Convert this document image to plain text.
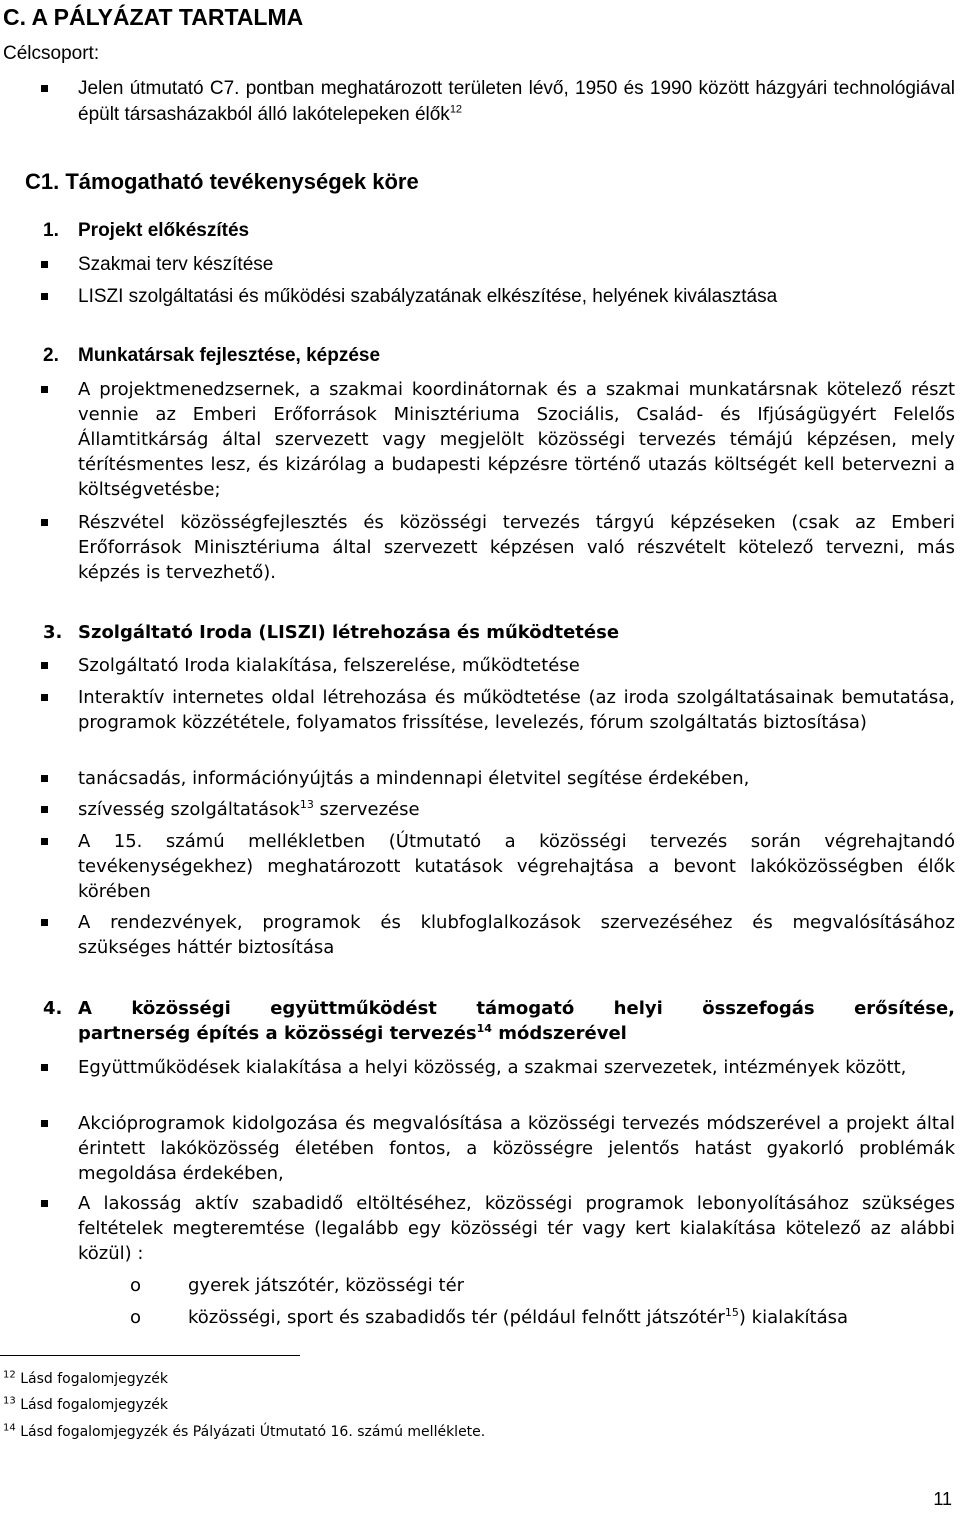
C. A PÁLYÁZAT TARTALMA
Célcsoport:
Jelen útmutató C7. pontban meghatározott területen lévő, 1950 és 1990 között házgyári technológiával épült társasházakból álló lakótelepeken élők$^{12}$
C1. Támogatható tevékenységek köre
1. Projekt előkészítés
Szakmai terv készítése
LISZI szolgáltatási és működési szabályzatának elkészítése, helyének kiválasztása
2. Munkatársak fejlesztése, képzése
A projektmenedzsernek, a szakmai koordinátornak és a szakmai munkatársnak kötelező részt vennie az Emberi Erőforrások Minisztériuma Szociális, Család- és Ifjúságügyért Felelős Államtitkárság által szervezett vagy megjelölt közösségi tervezés témájú képzésen, mely térítésmentes lesz, és kizárólag a budapesti képzésre történő utazás költségét kell betervezni a költségvetésbe;
Részvétel közösségfejlesztés és közösségi tervezés tárgyú képzéseken (csak az Emberi Erőforrások Minisztériuma által szervezett képzésen való részvételt kötelező tervezni, más képzés is tervezhető).
3. Szolgáltató Iroda (LISZI) létrehozása és működtetése
Szolgáltató Iroda kialakítása, felszerelése, működtetése
Interaktív internetes oldal létrehozása és működtetése (az iroda szolgáltatásainak bemutatása, programok közzététele, folyamatos frissítése, levelezés, fórum szolgáltatás biztosítása)
tanácsadás, információnyújtás a mindennapi életvitel segítése érdekében,
szívesség szolgáltatások$^{13}$ szervezése
A 15. számú mellékletben (Útmutató a közösségi tervezés során végrehajtandó tevékenységekhez) meghatározott kutatások végrehajtása a bevont lakóközösségben élők körében
A rendezvények, programok és klubfoglalkozások szervezéséhez és megvalósításához szükséges háttér biztosítása
4. A közösségi együttműködést támogató helyi összefogás erősítése,
partnerség építés a közösségi tervezés$^{14}$ módszerével
Együttműködések kialakítása a helyi közösség, a szakmai szervezetek, intézmények között,
Akcióprogramok kidolgozása és megvalósítása a közösségi tervezés módszerével a projekt által érintett lakóközösség életében fontos, a közösségre jelentős hatást gyakorló problémák megoldása érdekében,
A lakosság aktív szabadidő eltöltéséhez, közösségi programok lebonyolításához szükséges feltételek megteremtése (legalább egy közösségi tér vagy kert kialakítása kötelező az alábbi közül) :
o	gyerek játszótér, közösségi tér
o	közösségi, sport és szabadidős tér (például felnőtt játszótér$^{15}$) kialakítása
$^{12}$ Lásd fogalomjegyzék
$^{13}$ Lásd fogalomjegyzék
$^{14}$ Lásd fogalomjegyzék és Pályázati Útmutató 16. számú melléklete.
11
